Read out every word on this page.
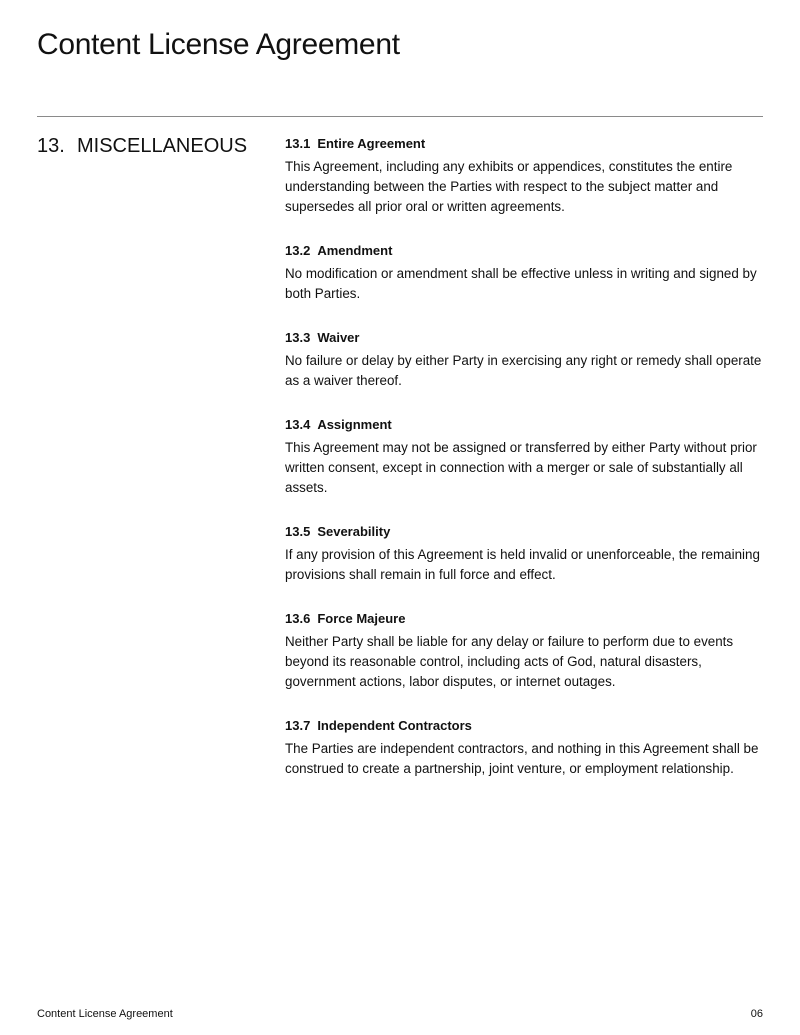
Content License Agreement
13. MISCELLANEOUS	13.1 Entire Agreement

This Agreement, including any exhibits or appendices, constitutes the entire understanding between the Parties with respect to the subject matter and supersedes all prior oral or written agreements.

13.2 Amendment

No modification or amendment shall be effective unless in writing and signed by both Parties.

13.3 Waiver

No failure or delay by either Party in exercising any right or remedy shall operate as a waiver thereof.

13.4 Assignment

This Agreement may not be assigned or transferred by either Party without prior written consent, except in connection with a merger or sale of substantially all assets.

13.5 Severability

If any provision of this Agreement is held invalid or unenforceable, the remaining provisions shall remain in full force and effect.

13.6 Force Majeure

Neither Party shall be liable for any delay or failure to perform due to events beyond its reasonable control, including acts of God, natural disasters, government actions, labor disputes, or internet outages.

13.7 Independent Contractors

The Parties are independent contractors, and nothing in this Agreement shall be construed to create a partnership, joint venture, or employment relationship.

Content License Agreement	06
